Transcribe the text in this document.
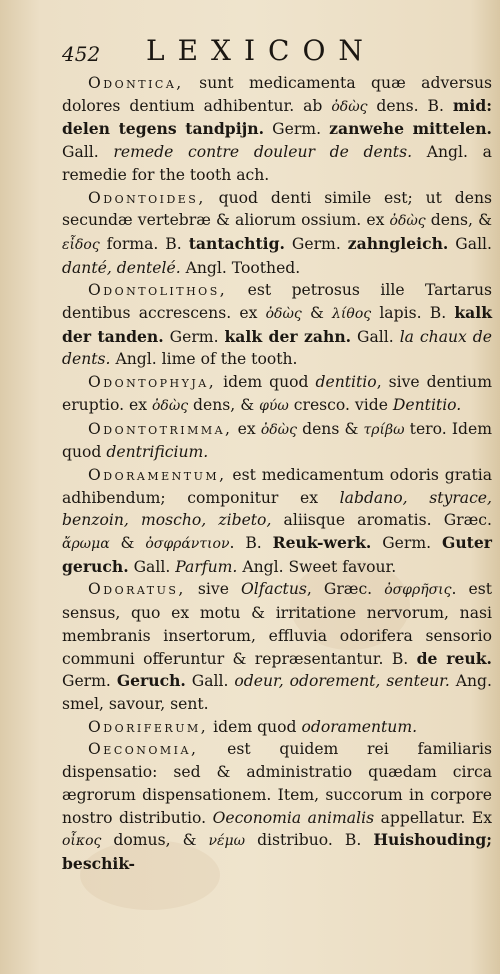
452 LEXICON

Odontica, sunt medicamenta quæ adversus dolores dentium adhibentur. ab ὀδὼς dens. B. mid: delen tegens tandpijn. Germ. zanwehe mittelen. Gall. remede contre douleur de dents. Angl. a remedie for the tooth ach.

Odontoides, quod denti simile est; ut dens secundæ vertebræ & aliorum ossium. ex ὀδὼς dens, & εἶδος forma. B. tantachtig. Germ. zahngleich. Gall. danté, dentelé. Angl. Toothed.

Odontolithos, est petrosus ille Tartarus dentibus accrescens. ex ὀδὼς & λίθος lapis. B. kalk der tanden. Germ. kalk der zahn. Gall. la chaux de dents. Angl. lime of the tooth.

Odontophyja, idem quod dentitio, sive dentium eruptio. ex ὀδὼς dens, & φύω cresco. vide Dentitio.

Odontotrimma, ex ὀδὼς dens & τρίβω tero. Idem quod dentrificium.

Odoramentum, est medicamentum odoris gratia adhibendum; componitur ex labdano, styrace, benzoin, moscho, zibeto, aliisque aromatis. Græc. ἄρωμα & ὀσφράντιον. B. Reuk-werk. Germ. Guter geruch. Gall. Parfum. Angl. Sweet favour.

Odoratus, sive Olfactus, Græc. ὀσφρῆσις. est sensus, quo ex motu & irritatione nervorum, nasi membranis insertorum, effluvia odorifera sensorio communi offeruntur & repræsentantur. B. de reuk. Germ. Geruch. Gall. odeur, odorement, senteur. Ang. smel, savour, sent.

Odoriferum, idem quod odoramentum.

Oeconomia, est quidem rei familiaris dispensatio: sed & administratio quædam circa ægrorum dispensationem. Item, succorum in corpore nostro distributio. Oeconomia animalis appellatur. Ex οἶκος domus, & νέμω distribuo. B. Huishouding; beschik-
